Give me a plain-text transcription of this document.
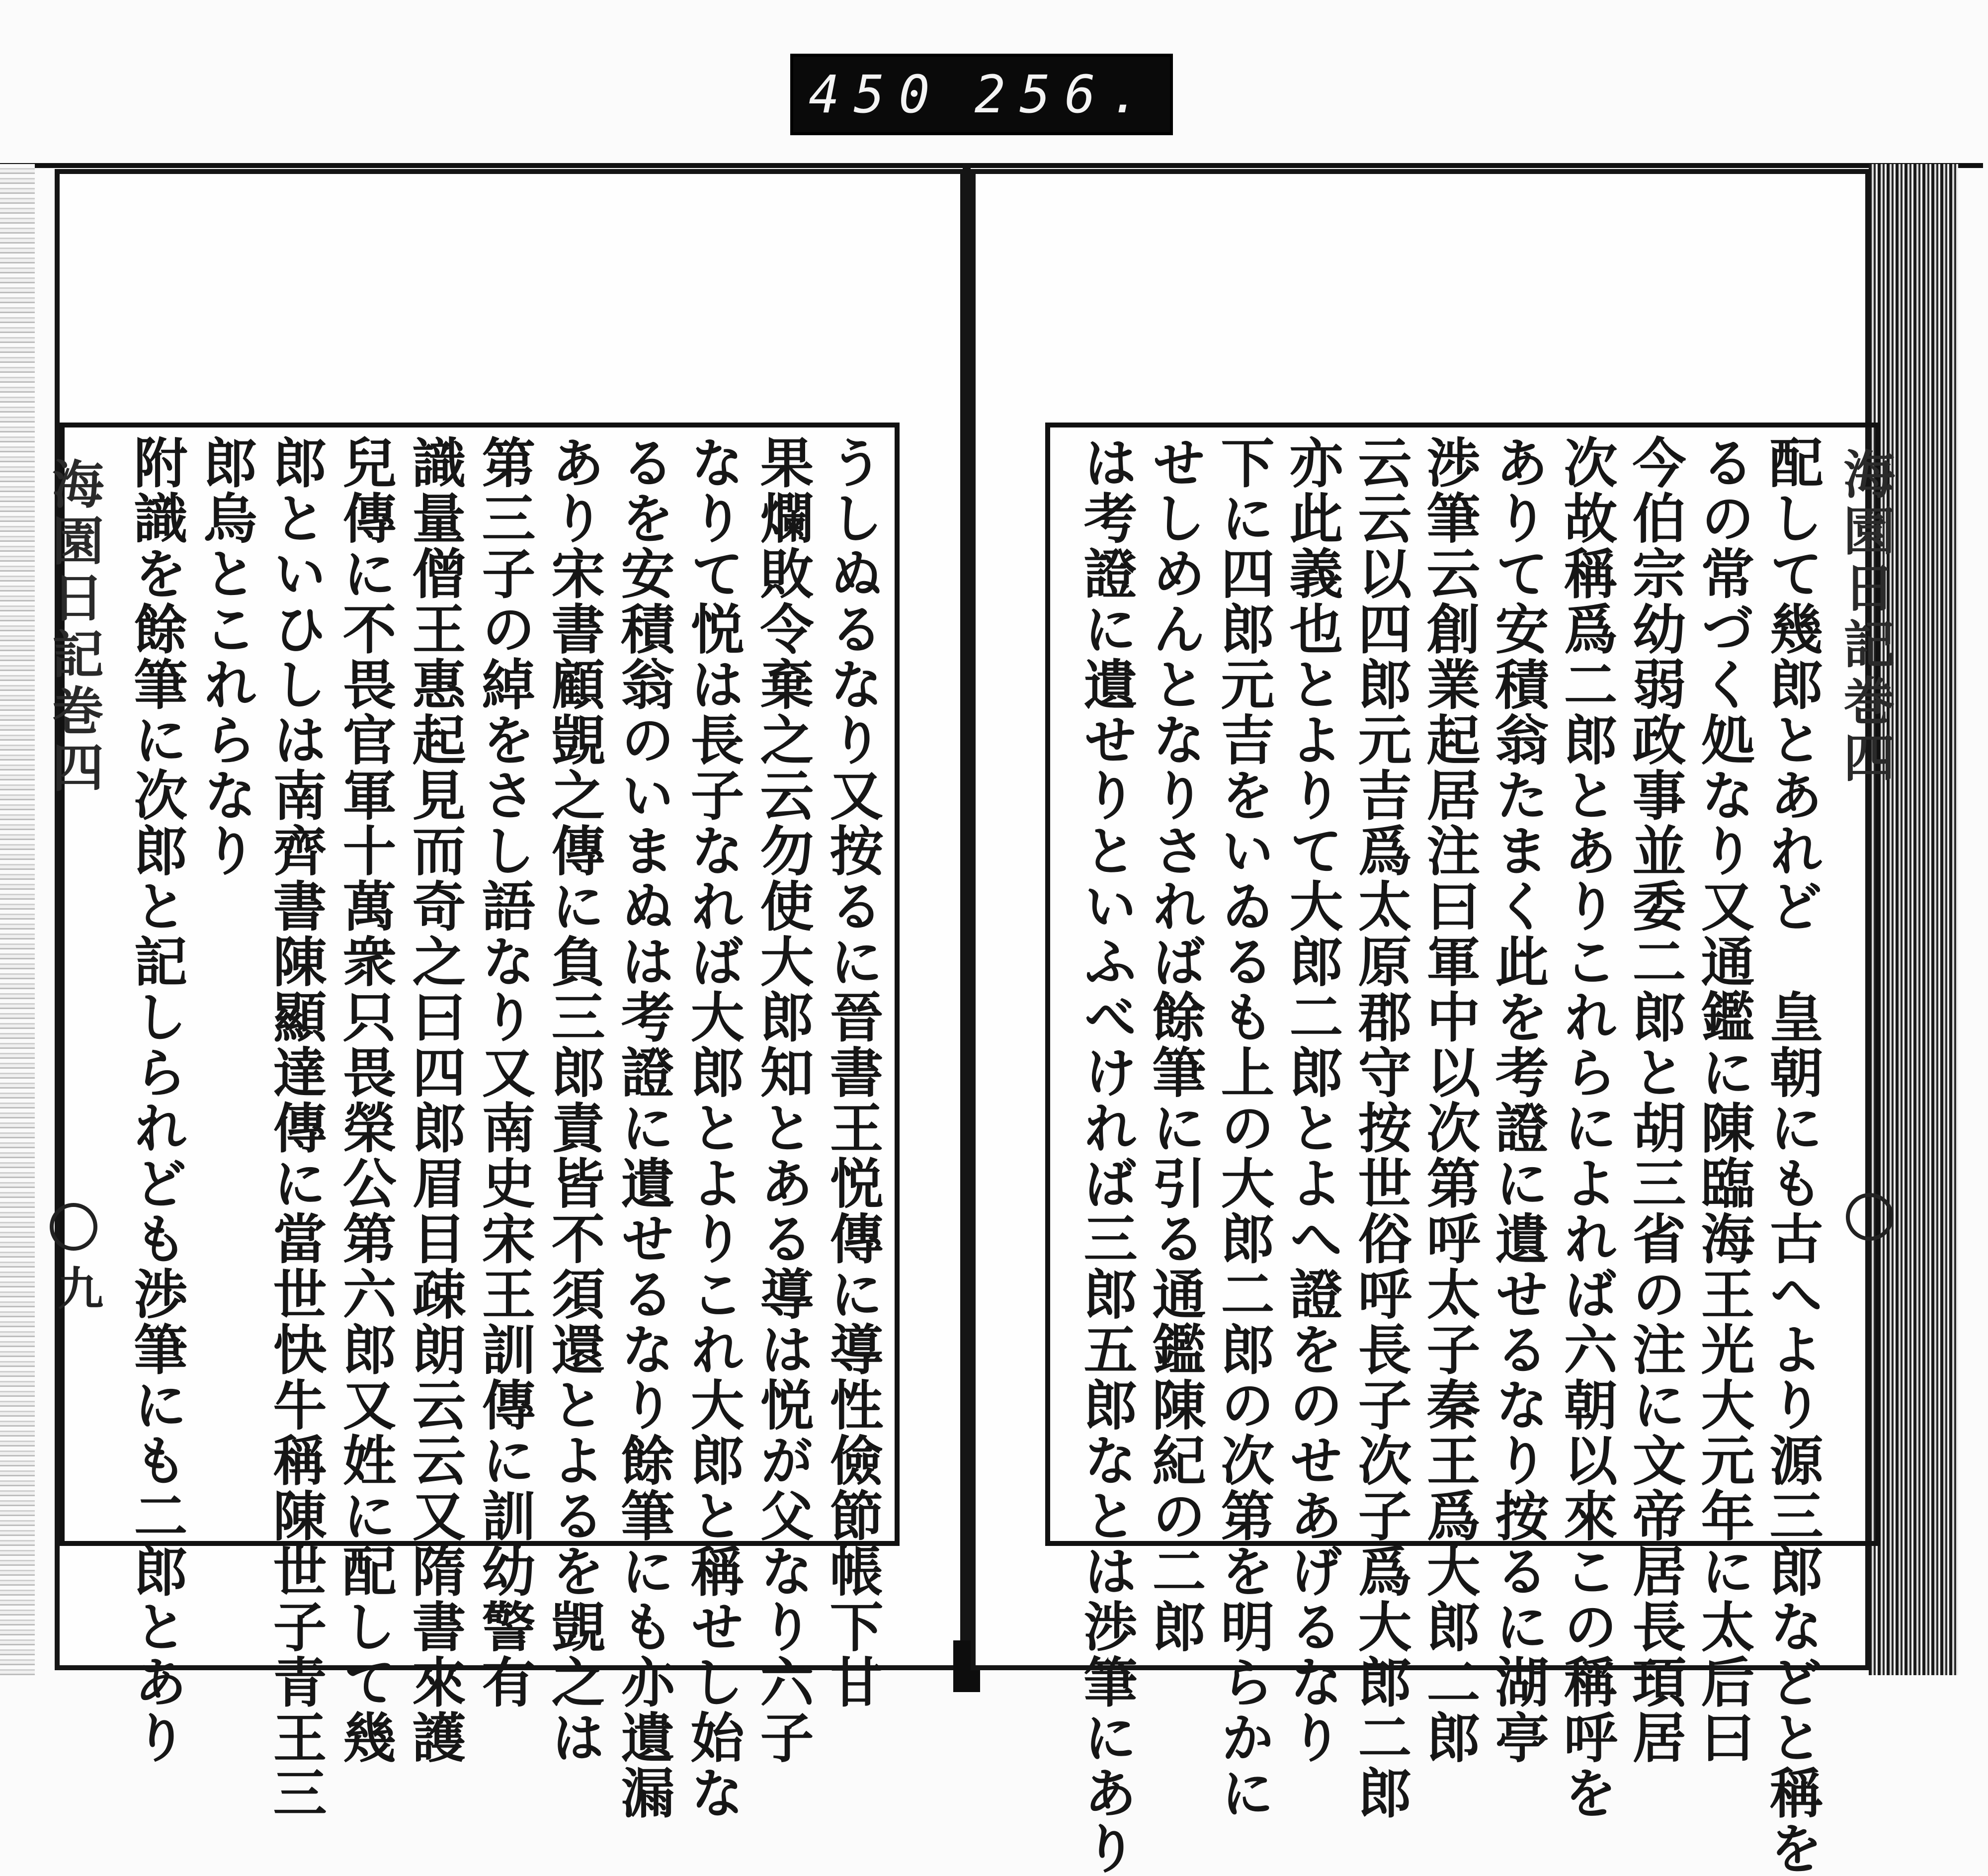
450 256.
うしぬるなり又按るに晉書王悦傳に導性儉節帳下甘
果爛敗令棄之云勿使大郎知とある導は悦が父なり六子
なりて悦は長子なれば大郎とよりこれ大郎と稱せし始な
るを安積翁のいまぬは考證に遺せるなり餘筆にも亦遺漏
あり宋書顧覬之傳に負三郎責皆不須還とよるを覬之は
第三子の綽をさし語なり又南史宋王訓傳に訓幼警有
識量僧王惠起見而奇之曰四郎眉目疎朗云云又隋書來護
兒傳に不畏官軍十萬衆只畏榮公第六郎又姓に配して幾
郎といひしは南齊書陳顯達傳に當世快牛稱陳世子青王三
郎烏とこれらなり
附識を餘筆に次郎と記しられども渉筆にも二郎とあり
海園日記巻四
九	配して幾郎とあれど　皇朝にも古へより源三郎などと稱を
るの常づく処なり又通鑑に陳臨海王光大元年に太后曰
今伯宗幼弱政事並委二郎と胡三省の注に文帝居長頊居
次故稱爲二郎とありこれらによれば六朝以來この稱呼を
ありて安積翁たまく此を考證に遺せるなり按るに湖亭
渉筆云創業起居注曰軍中以次第呼太子秦王爲大郎二郎
云云以四郎元吉爲太原郡守按世俗呼長子次子爲大郎二郎
亦此義也とよりて大郎二郎とよへ證をのせあげるなり
下に四郎元吉をいゐるも上の大郎二郎の次第を明らかに
せしめんとなりされば餘筆に引る通鑑陳紀の二郎
は考證に遺せりといふべければ三郎五郎なとは渉筆にあり	海園日記巻四
